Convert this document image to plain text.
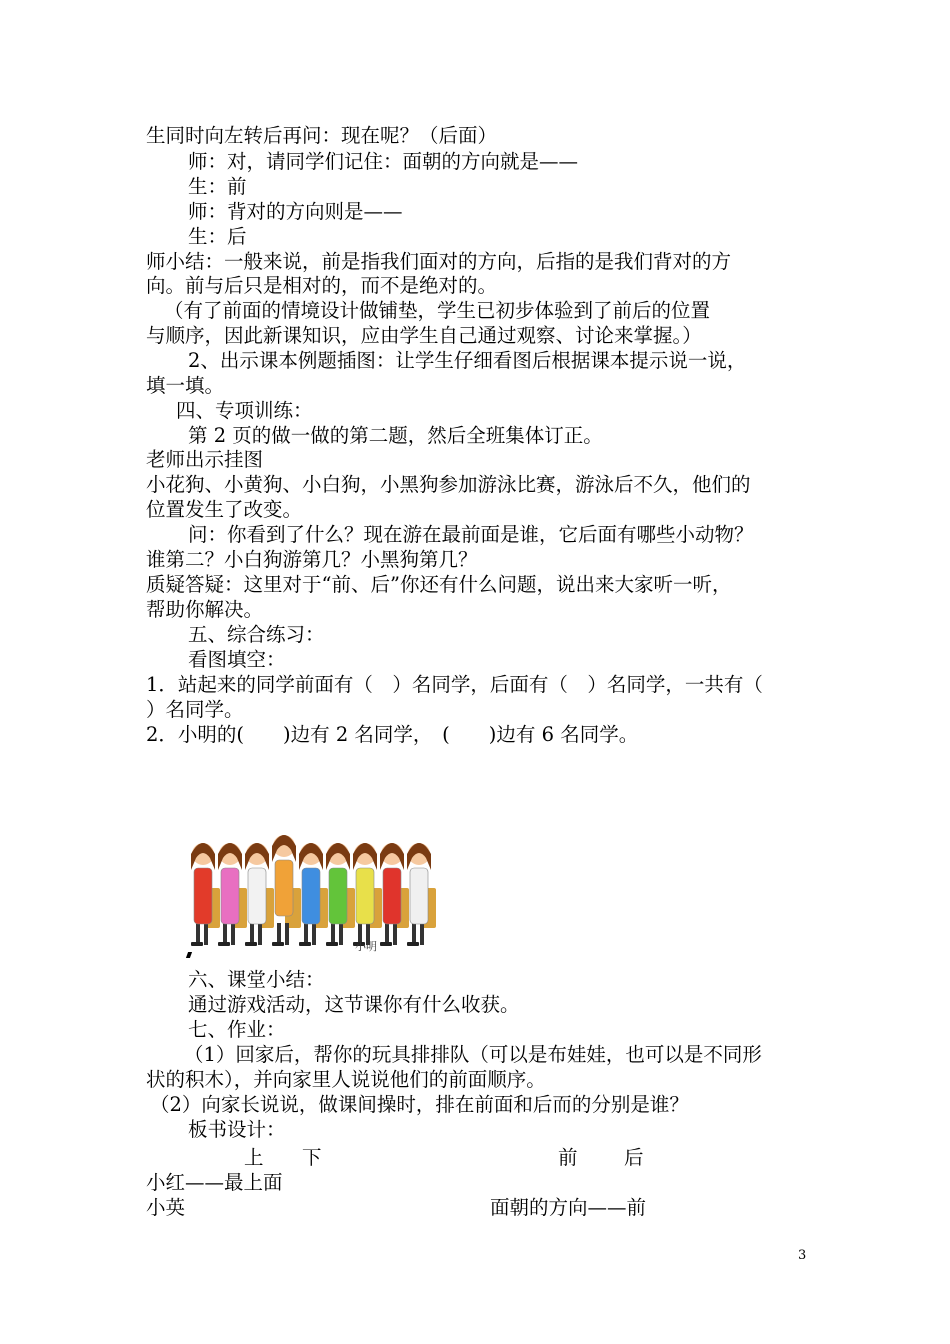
生同时向左转后再问：现在呢？（后面）
师：对，请同学们记住：面朝的方向就是——
生：前
师：背对的方向则是——
生：后
师小结：一般来说，前是指我们面对的方向，后指的是我们背对的方
向。前与后只是相对的，而不是绝对的。
（有了前面的情境设计做铺垫，学生已初步体验到了前后的位置
与顺序，因此新课知识，应由学生自己通过观察、讨论来掌握。）
2、出示课本例题插图：让学生仔细看图后根据课本提示说一说，
填一填。
四、专项训练：
第 2 页的做一做的第二题，然后全班集体订正。
老师出示挂图
小花狗、小黄狗、小白狗，小黑狗参加游泳比赛，游泳后不久，他们的
位置发生了改变。
问：你看到了什么？现在游在最前面是谁，它后面有哪些小动物？
谁第二？小白狗游第几？小黑狗第几？
质疑答疑：这里对于“前、后”你还有什么问题，说出来大家听一听，
帮助你解决。
五、综合练习：
看图填空：
1．站起来的同学前面有（　）名同学，后面有（　）名同学，一共有（
）名同学。
2．小明的(　　)边有 2 名同学，　(　　)边有 6 名同学。
小明
六、课堂小结：
通过游戏活动，这节课你有什么收获。
七、作业：
（1）回家后，帮你的玩具排排队（可以是布娃娃，也可以是不同形
状的积木），并向家里人说说他们的前面顺序。
（2）向家长说说，做课间操时，排在前面和后而的分别是谁？
板书设计：
上 下	前 后
小红——最上面
小英	面朝的方向——前
3
